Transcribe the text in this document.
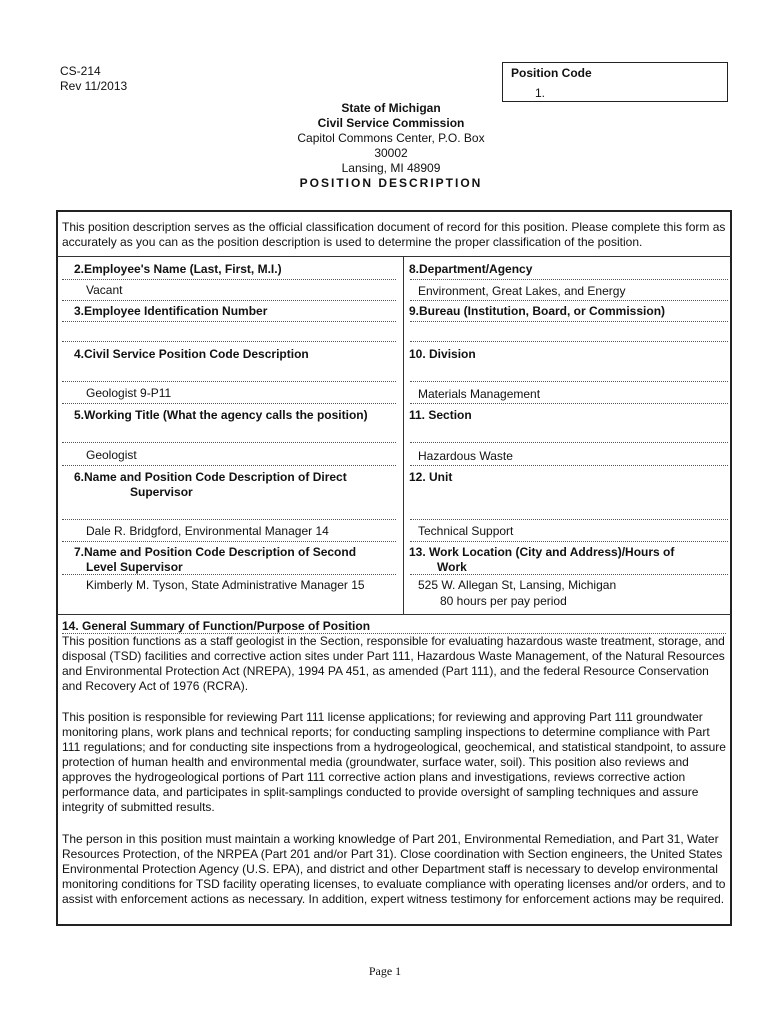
CS-214
Rev 11/2013
Position Code
1.
State of Michigan
Civil Service Commission
Capitol Commons Center, P.O. Box
30002
Lansing, MI 48909
POSITION DESCRIPTION
This position description serves as the official classification document of record for this position. Please complete this form as accurately as you can as the position description is used to determine the proper classification of the position.
2.Employee's Name (Last, First, M.I.)
Vacant
3.Employee Identification Number
4.Civil Service Position Code Description
Geologist 9-P11
5.Working Title (What the agency calls the position)
Geologist
6.Name and Position Code Description of Direct
Supervisor
Dale R. Bridgford, Environmental Manager 14
7.Name and Position Code Description of Second
Level Supervisor
Kimberly M. Tyson, State Administrative Manager 15
8.Department/Agency
Environment, Great Lakes, and Energy
9.Bureau (Institution, Board, or Commission)
10. Division
Materials Management
11. Section
Hazardous Waste
12. Unit
Technical Support
13. Work Location (City and Address)/Hours of
Work
525 W. Allegan St, Lansing, Michigan
80 hours per pay period
14. General Summary of Function/Purpose of Position
This position functions as a staff geologist in the Section, responsible for evaluating hazardous waste treatment, storage, and disposal (TSD) facilities and corrective action sites under Part 111, Hazardous Waste Management, of the Natural Resources and Environmental Protection Act (NREPA), 1994 PA 451, as amended (Part 111), and the federal Resource Conservation and Recovery Act of 1976 (RCRA).
This position is responsible for reviewing Part 111 license applications; for reviewing and approving Part 111 groundwater monitoring plans, work plans and technical reports; for conducting sampling inspections to determine compliance with Part 111 regulations; and for conducting site inspections from a hydrogeological, geochemical, and statistical standpoint, to assure protection of human health and environmental media (groundwater, surface water, soil). This position also reviews and approves the hydrogeological portions of Part 111 corrective action plans and investigations, reviews corrective action performance data, and participates in split-samplings conducted to provide oversight of sampling techniques and assure integrity of submitted results.
The person in this position must maintain a working knowledge of Part 201, Environmental Remediation, and Part 31, Water Resources Protection, of the NRPEA (Part 201 and/or Part 31). Close coordination with Section engineers, the United States Environmental Protection Agency (U.S. EPA), and district and other Department staff is necessary to develop environmental monitoring conditions for TSD facility operating licenses, to evaluate compliance with operating licenses and/or orders, and to assist with enforcement actions as necessary. In addition, expert witness testimony for enforcement actions may be required.
Page 1
